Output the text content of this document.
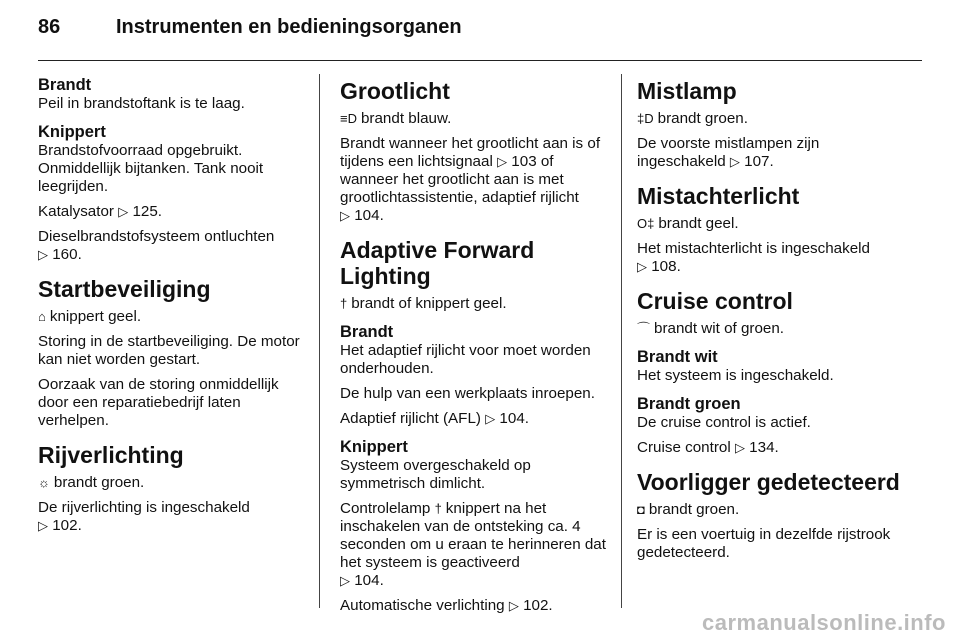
86	Instrumenten en bedieningsorganen
Brandt

Peil in brandstoftank is te laag.

Knippert

Brandstofvoorraad opgebruikt. Onmiddellijk bijtanken. Tank nooit leegrijden.

Katalysator ▷ 125.

Dieselbrandstofsysteem ontluchten
▷ 160.

Startbeveiliging

⌂ knippert geel.

Storing in de startbeveiliging. De motor kan niet worden gestart.

Oorzaak van de storing onmiddellijk door een reparatiebedrijf laten verhelpen.

Rijverlichting

☼ brandt groen.

De rijverlichting is ingeschakeld
▷ 102.

Grootlicht

≡D brandt blauw.

Brandt wanneer het grootlicht aan is of tijdens een lichtsignaal ▷ 103 of wanneer het grootlicht aan is met grootlichtassistentie, adaptief rijlicht
▷ 104.

Adaptive Forward Lighting

† brandt of knippert geel.

Brandt

Het adaptief rijlicht voor moet worden onderhouden.

De hulp van een werkplaats inroepen.

Adaptief rijlicht (AFL) ▷ 104.

Knippert

Systeem overgeschakeld op symmetrisch dimlicht.

Controlelamp † knippert na het inschakelen van de ontsteking ca. 4 seconden om u eraan te herinneren dat het systeem is geactiveerd
▷ 104.

Automatische verlichting ▷ 102.

Mistlamp

‡D brandt groen.

De voorste mistlampen zijn ingeschakeld ▷ 107.

Mistachterlicht

O‡ brandt geel.

Het mistachterlicht is ingeschakeld
▷ 108.

Cruise control

⌒ brandt wit of groen.

Brandt wit

Het systeem is ingeschakeld.

Brandt groen

De cruise control is actief.

Cruise control ▷ 134.

Voorligger gedetecteerd

◘ brandt groen.

Er is een voertuig in dezelfde rijstrook gedetecteerd.

carmanualsonline.info
